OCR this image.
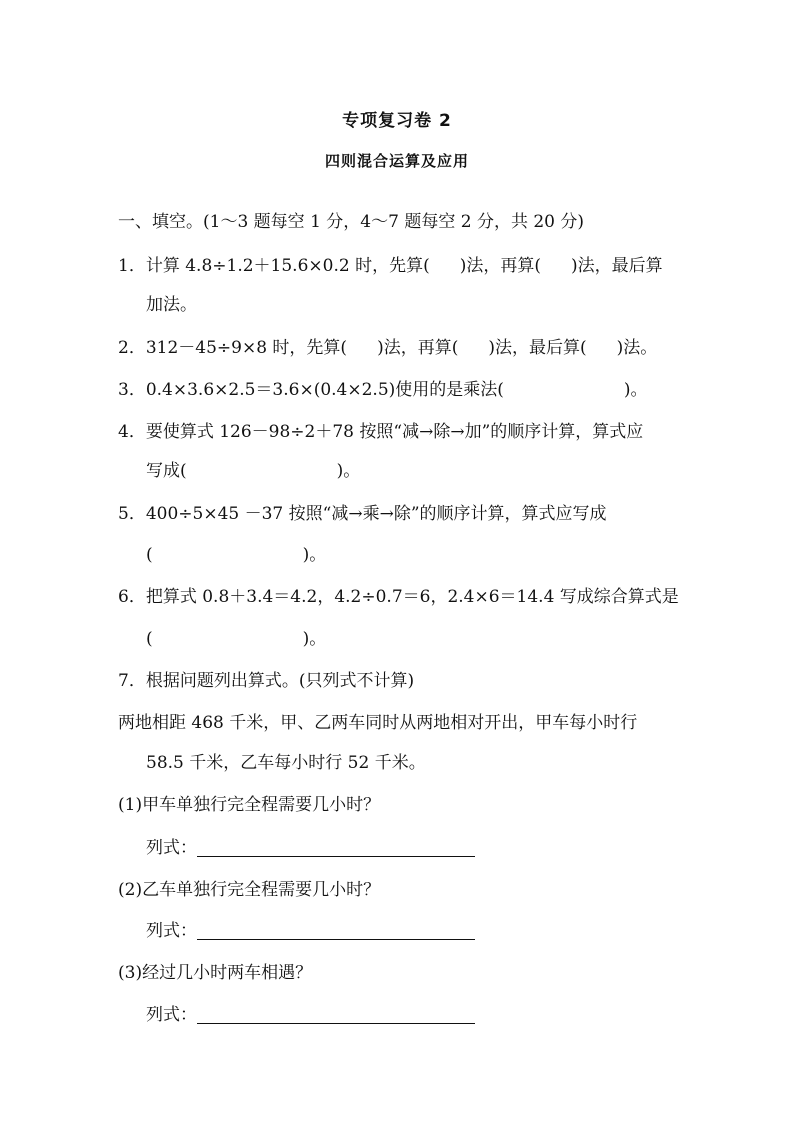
专项复习卷 2
四则混合运算及应用
一、填空。(1～3 题每空 1 分，4～7 题每空 2 分，共 20 分)
1．计算 4.8÷1.2＋15.6×0.2 时，先算( )法，再算( )法，最后算
加法。
2．312－45÷9×8 时，先算( )法，再算( )法，最后算( )法。
3．0.4×3.6×2.5＝3.6×(0.4×2.5)使用的是乘法(	)。
4．要使算式 126－98÷2＋78 按照“减→除→加”的顺序计算，算式应
写成(	)。
5．400÷5×45 －37 按照“减→乘→除”的顺序计算，算式应写成
(	)。
6．把算式 0.8＋3.4＝4.2，4.2÷0.7＝6，2.4×6＝14.4 写成综合算式是
(	)。
7．根据问题列出算式。(只列式不计算)
两地相距 468 千米，甲、乙两车同时从两地相对开出，甲车每小时行
58.5 千米，乙车每小时行 52 千米。
(1)甲车单独行完全程需要几小时？
列式：
(2)乙车单独行完全程需要几小时？
列式：
(3)经过几小时两车相遇？
列式：
